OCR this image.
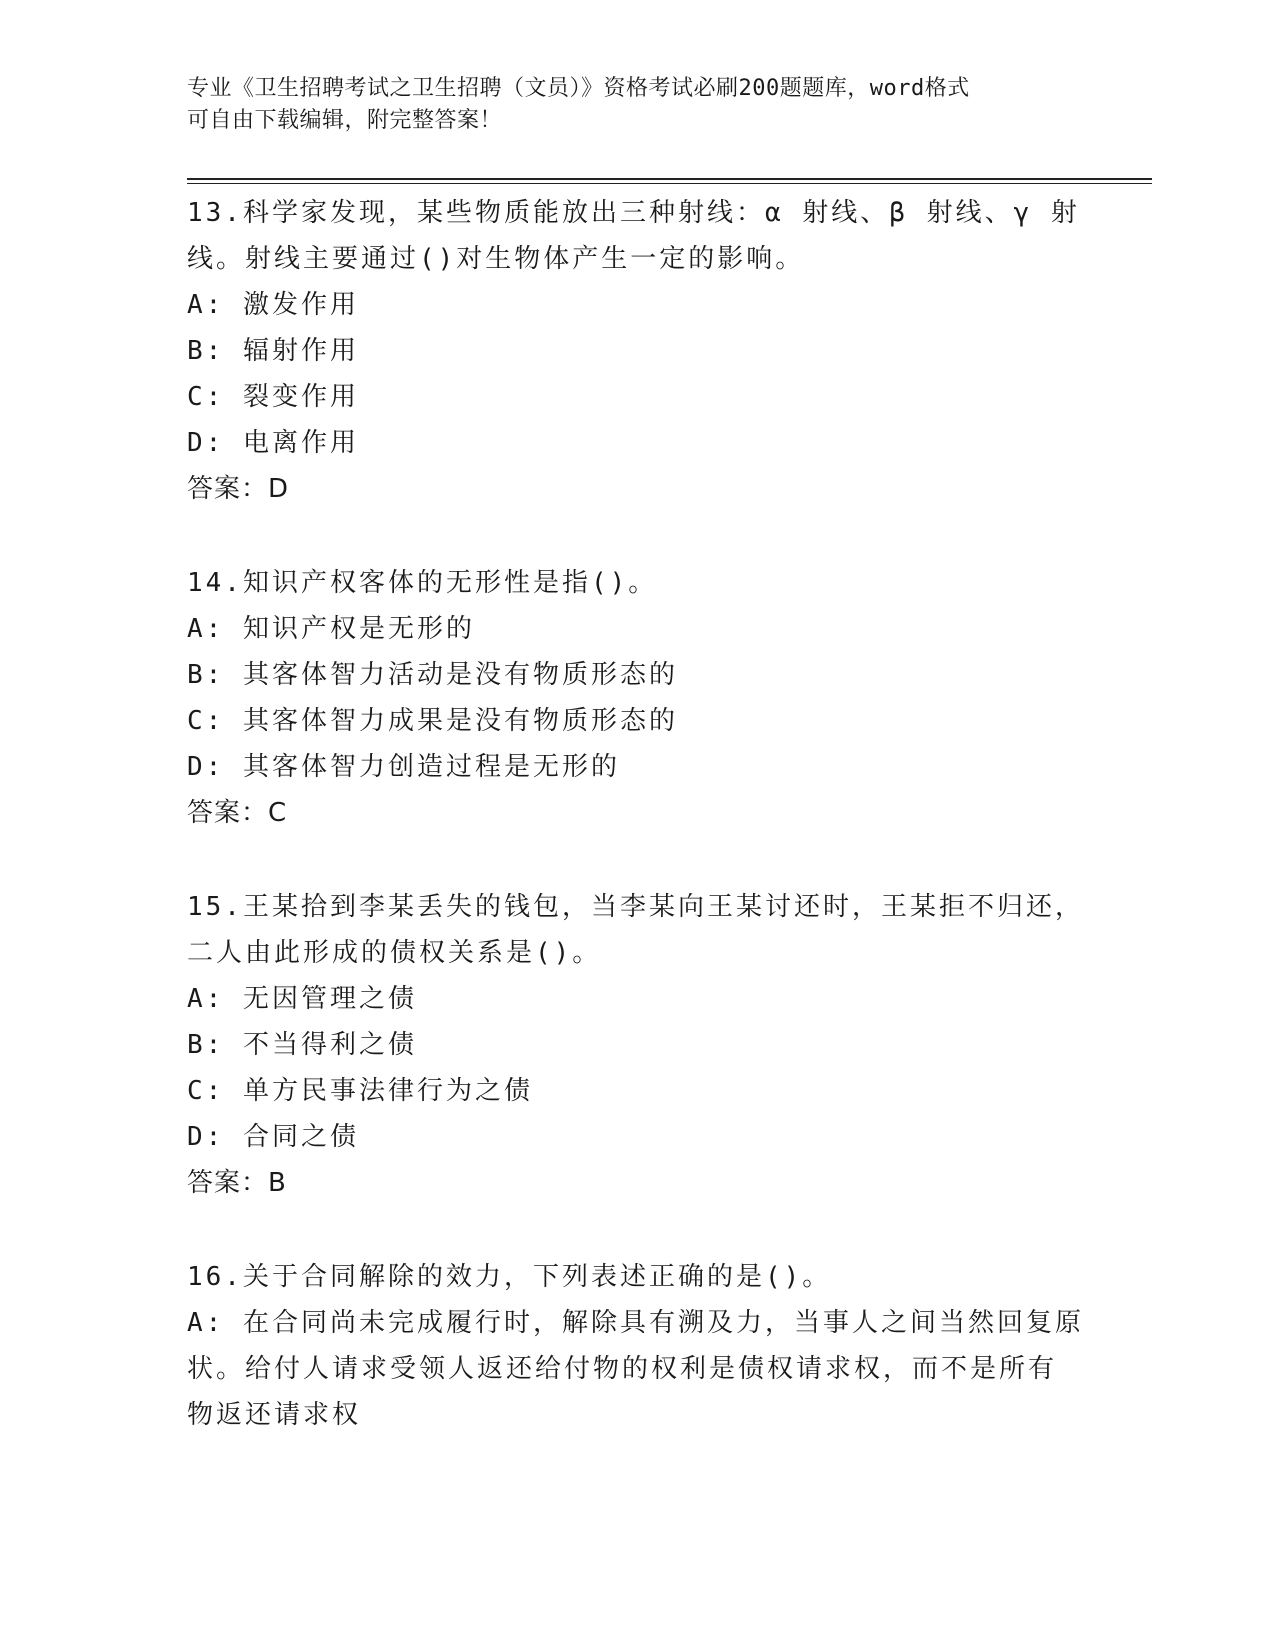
专业《卫生招聘考试之卫生招聘（文员）》资格考试必刷200题题库，word格式
可自由下载编辑，附完整答案！

13.科学家发现，某些物质能放出三种射线：α 射线、β 射线、γ 射

线。射线主要通过()对生物体产生一定的影响。

A: 激发作用

B: 辐射作用

C: 裂变作用

D: 电离作用

答案：D

14.知识产权客体的无形性是指()。

A: 知识产权是无形的

B: 其客体智力活动是没有物质形态的

C: 其客体智力成果是没有物质形态的

D: 其客体智力创造过程是无形的

答案：C

15.王某拾到李某丢失的钱包，当李某向王某讨还时，王某拒不归还，

二人由此形成的债权关系是()。

A: 无因管理之债

B: 不当得利之债

C: 单方民事法律行为之债

D: 合同之债

答案：B

16.关于合同解除的效力，下列表述正确的是()。

A: 在合同尚未完成履行时，解除具有溯及力，当事人之间当然回复原

状。给付人请求受领人返还给付物的权利是债权请求权，而不是所有

物返还请求权
